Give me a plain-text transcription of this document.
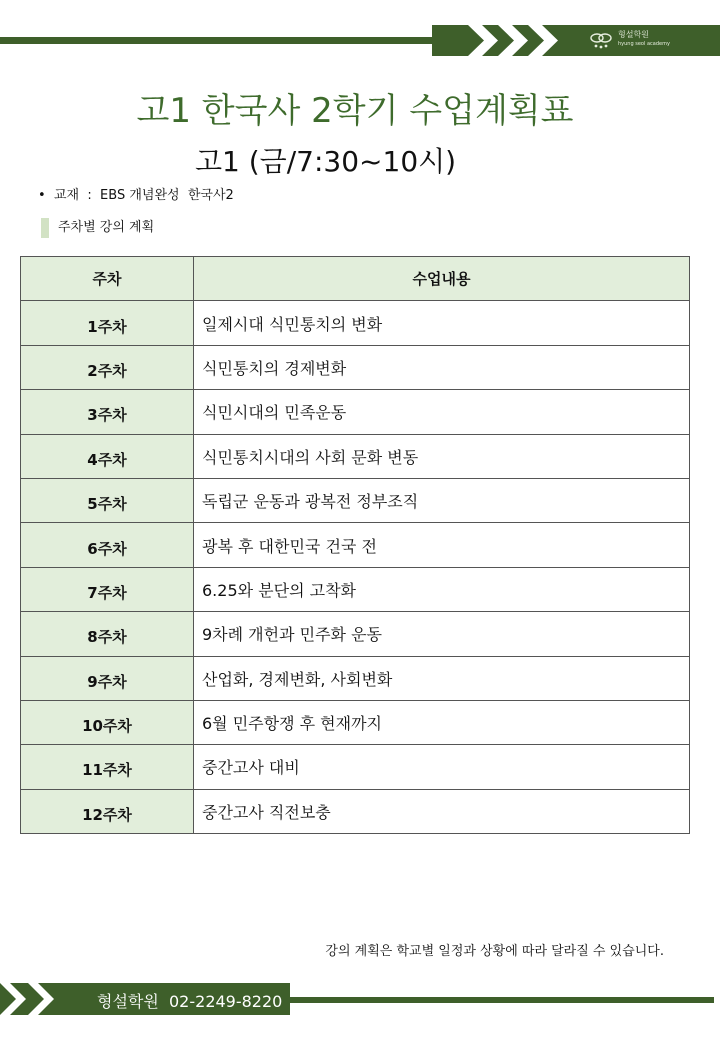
형설학원
hyung seol academy
고1 한국사 2학기 수업계획표
고1 (금/7:30~10시)
• 교재 : EBS 개념완성  한국사2
주차별 강의 계획
주차	수업내용
1주차	일제시대 식민통치의 변화
2주차	식민통치의 경제변화
3주차	식민시대의 민족운동
4주차	식민통치시대의 사회 문화 변동
5주차	독립군 운동과 광복전 정부조직
6주차	광복 후 대한민국 건국 전
7주차	6.25와 분단의 고착화
8주차	9차례 개헌과 민주화 운동
9주차	산업화, 경제변화, 사회변화
10주차	6월 민주항쟁 후 현재까지
11주차	중간고사 대비
12주차	중간고사 직전보충
강의 계획은 학교별 일정과 상황에 따라 달라질 수 있습니다.
형설학원 02-2249-8220
